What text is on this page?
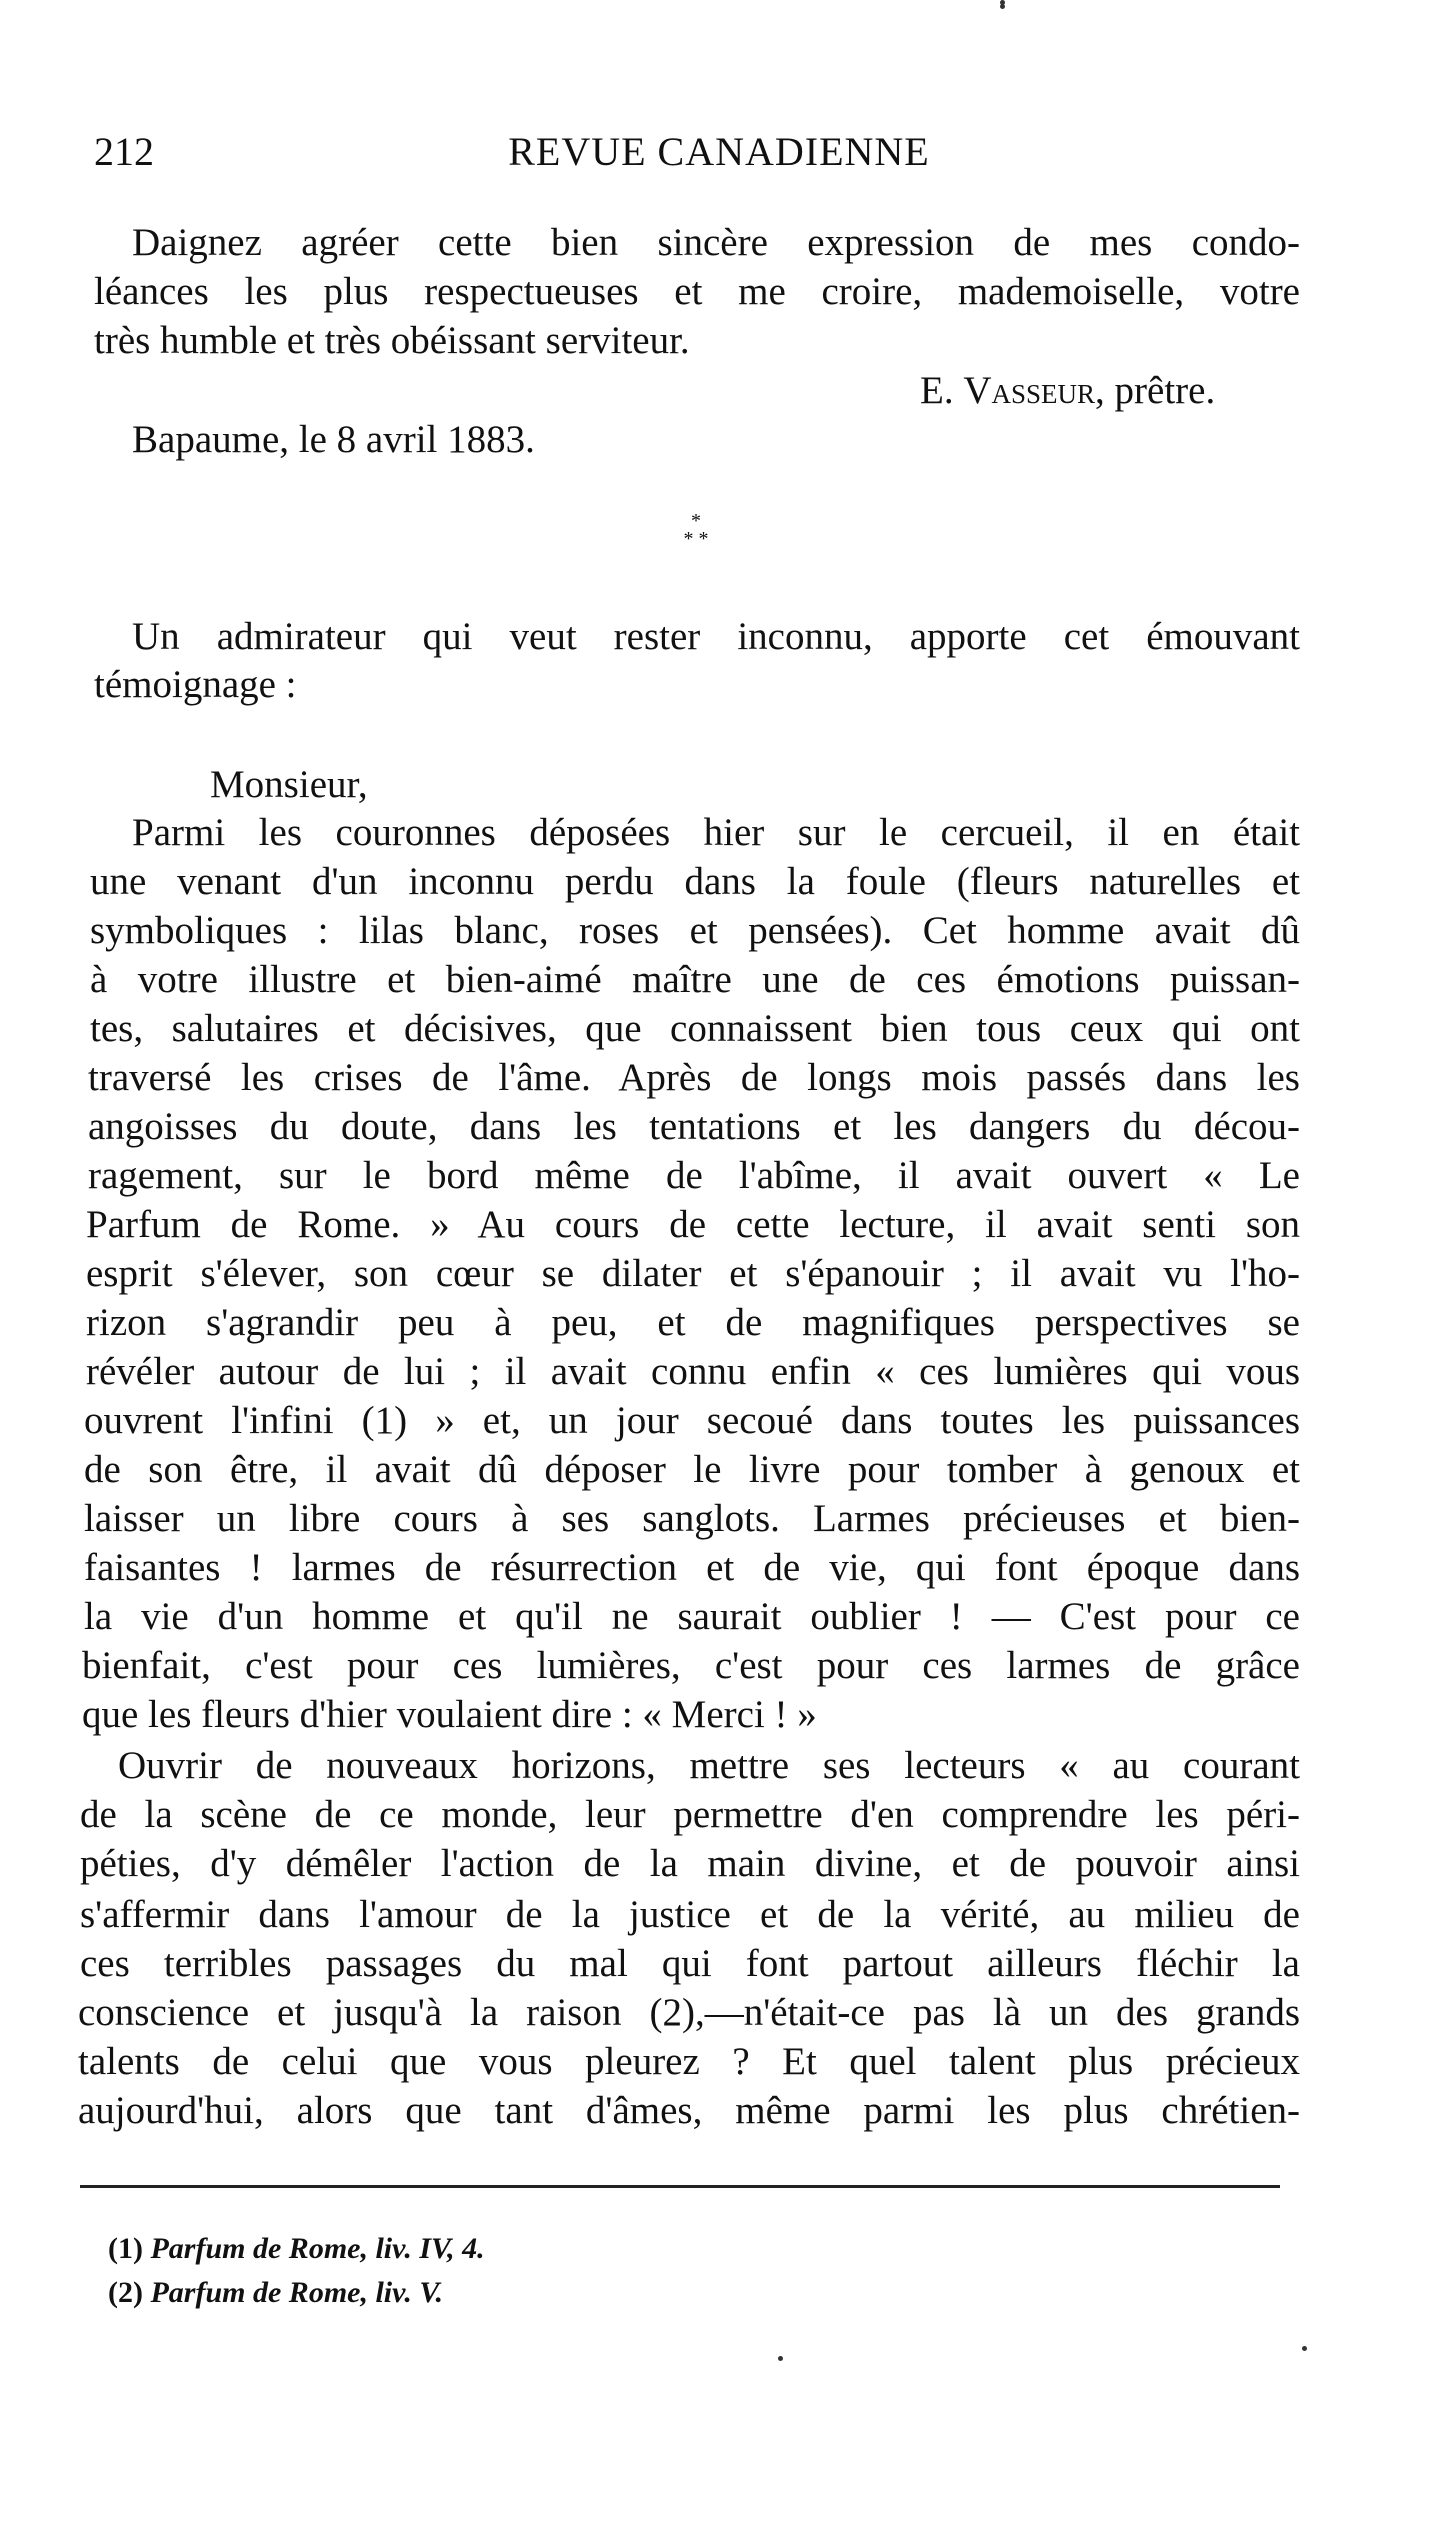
212	REVUE CANADIENNE
Daignez agréer cette bien sincère expression de mes condo-
léances les plus respectueuses et me croire, mademoiselle, votre
très humble et très obéissant serviteur.
E. Vasseur, prêtre.
Bapaume, le 8 avril 1883.
*
* *
Un admirateur qui veut rester inconnu, apporte cet émouvant
témoignage :
Monsieur,
Parmi les couronnes déposées hier sur le cercueil, il en était
une venant d'un inconnu perdu dans la foule (fleurs naturelles et
symboliques : lilas blanc, roses et pensées). Cet homme avait dû
à votre illustre et bien-aimé maître une de ces émotions puissan-
tes, salutaires et décisives, que connaissent bien tous ceux qui ont
traversé les crises de l'âme. Après de longs mois passés dans les
angoisses du doute, dans les tentations et les dangers du décou-
ragement, sur le bord même de l'abîme, il avait ouvert « Le
Parfum de Rome. » Au cours de cette lecture, il avait senti son
esprit s'élever, son cœur se dilater et s'épanouir ; il avait vu l'ho-
rizon s'agrandir peu à peu, et de magnifiques perspectives se
révéler autour de lui ; il avait connu enfin « ces lumières qui vous
ouvrent l'infini (1) » et, un jour secoué dans toutes les puissances
de son être, il avait dû déposer le livre pour tomber à genoux et
laisser un libre cours à ses sanglots. Larmes précieuses et bien-
faisantes ! larmes de résurrection et de vie, qui font époque dans
la vie d'un homme et qu'il ne saurait oublier ! — C'est pour ce
bienfait, c'est pour ces lumières, c'est pour ces larmes de grâce
que les fleurs d'hier voulaient dire : « Merci ! »
Ouvrir de nouveaux horizons, mettre ses lecteurs « au courant
de la scène de ce monde, leur permettre d'en comprendre les péri-
péties, d'y démêler l'action de la main divine, et de pouvoir ainsi
s'affermir dans l'amour de la justice et de la vérité, au milieu de
ces terribles passages du mal qui font partout ailleurs fléchir la
conscience et jusqu'à la raison (2),—n'était-ce pas là un des grands
talents de celui que vous pleurez ? Et quel talent plus précieux
aujourd'hui, alors que tant d'âmes, même parmi les plus chrétien-
(1) Parfum de Rome, liv. IV, 4.
(2) Parfum de Rome, liv. V.
